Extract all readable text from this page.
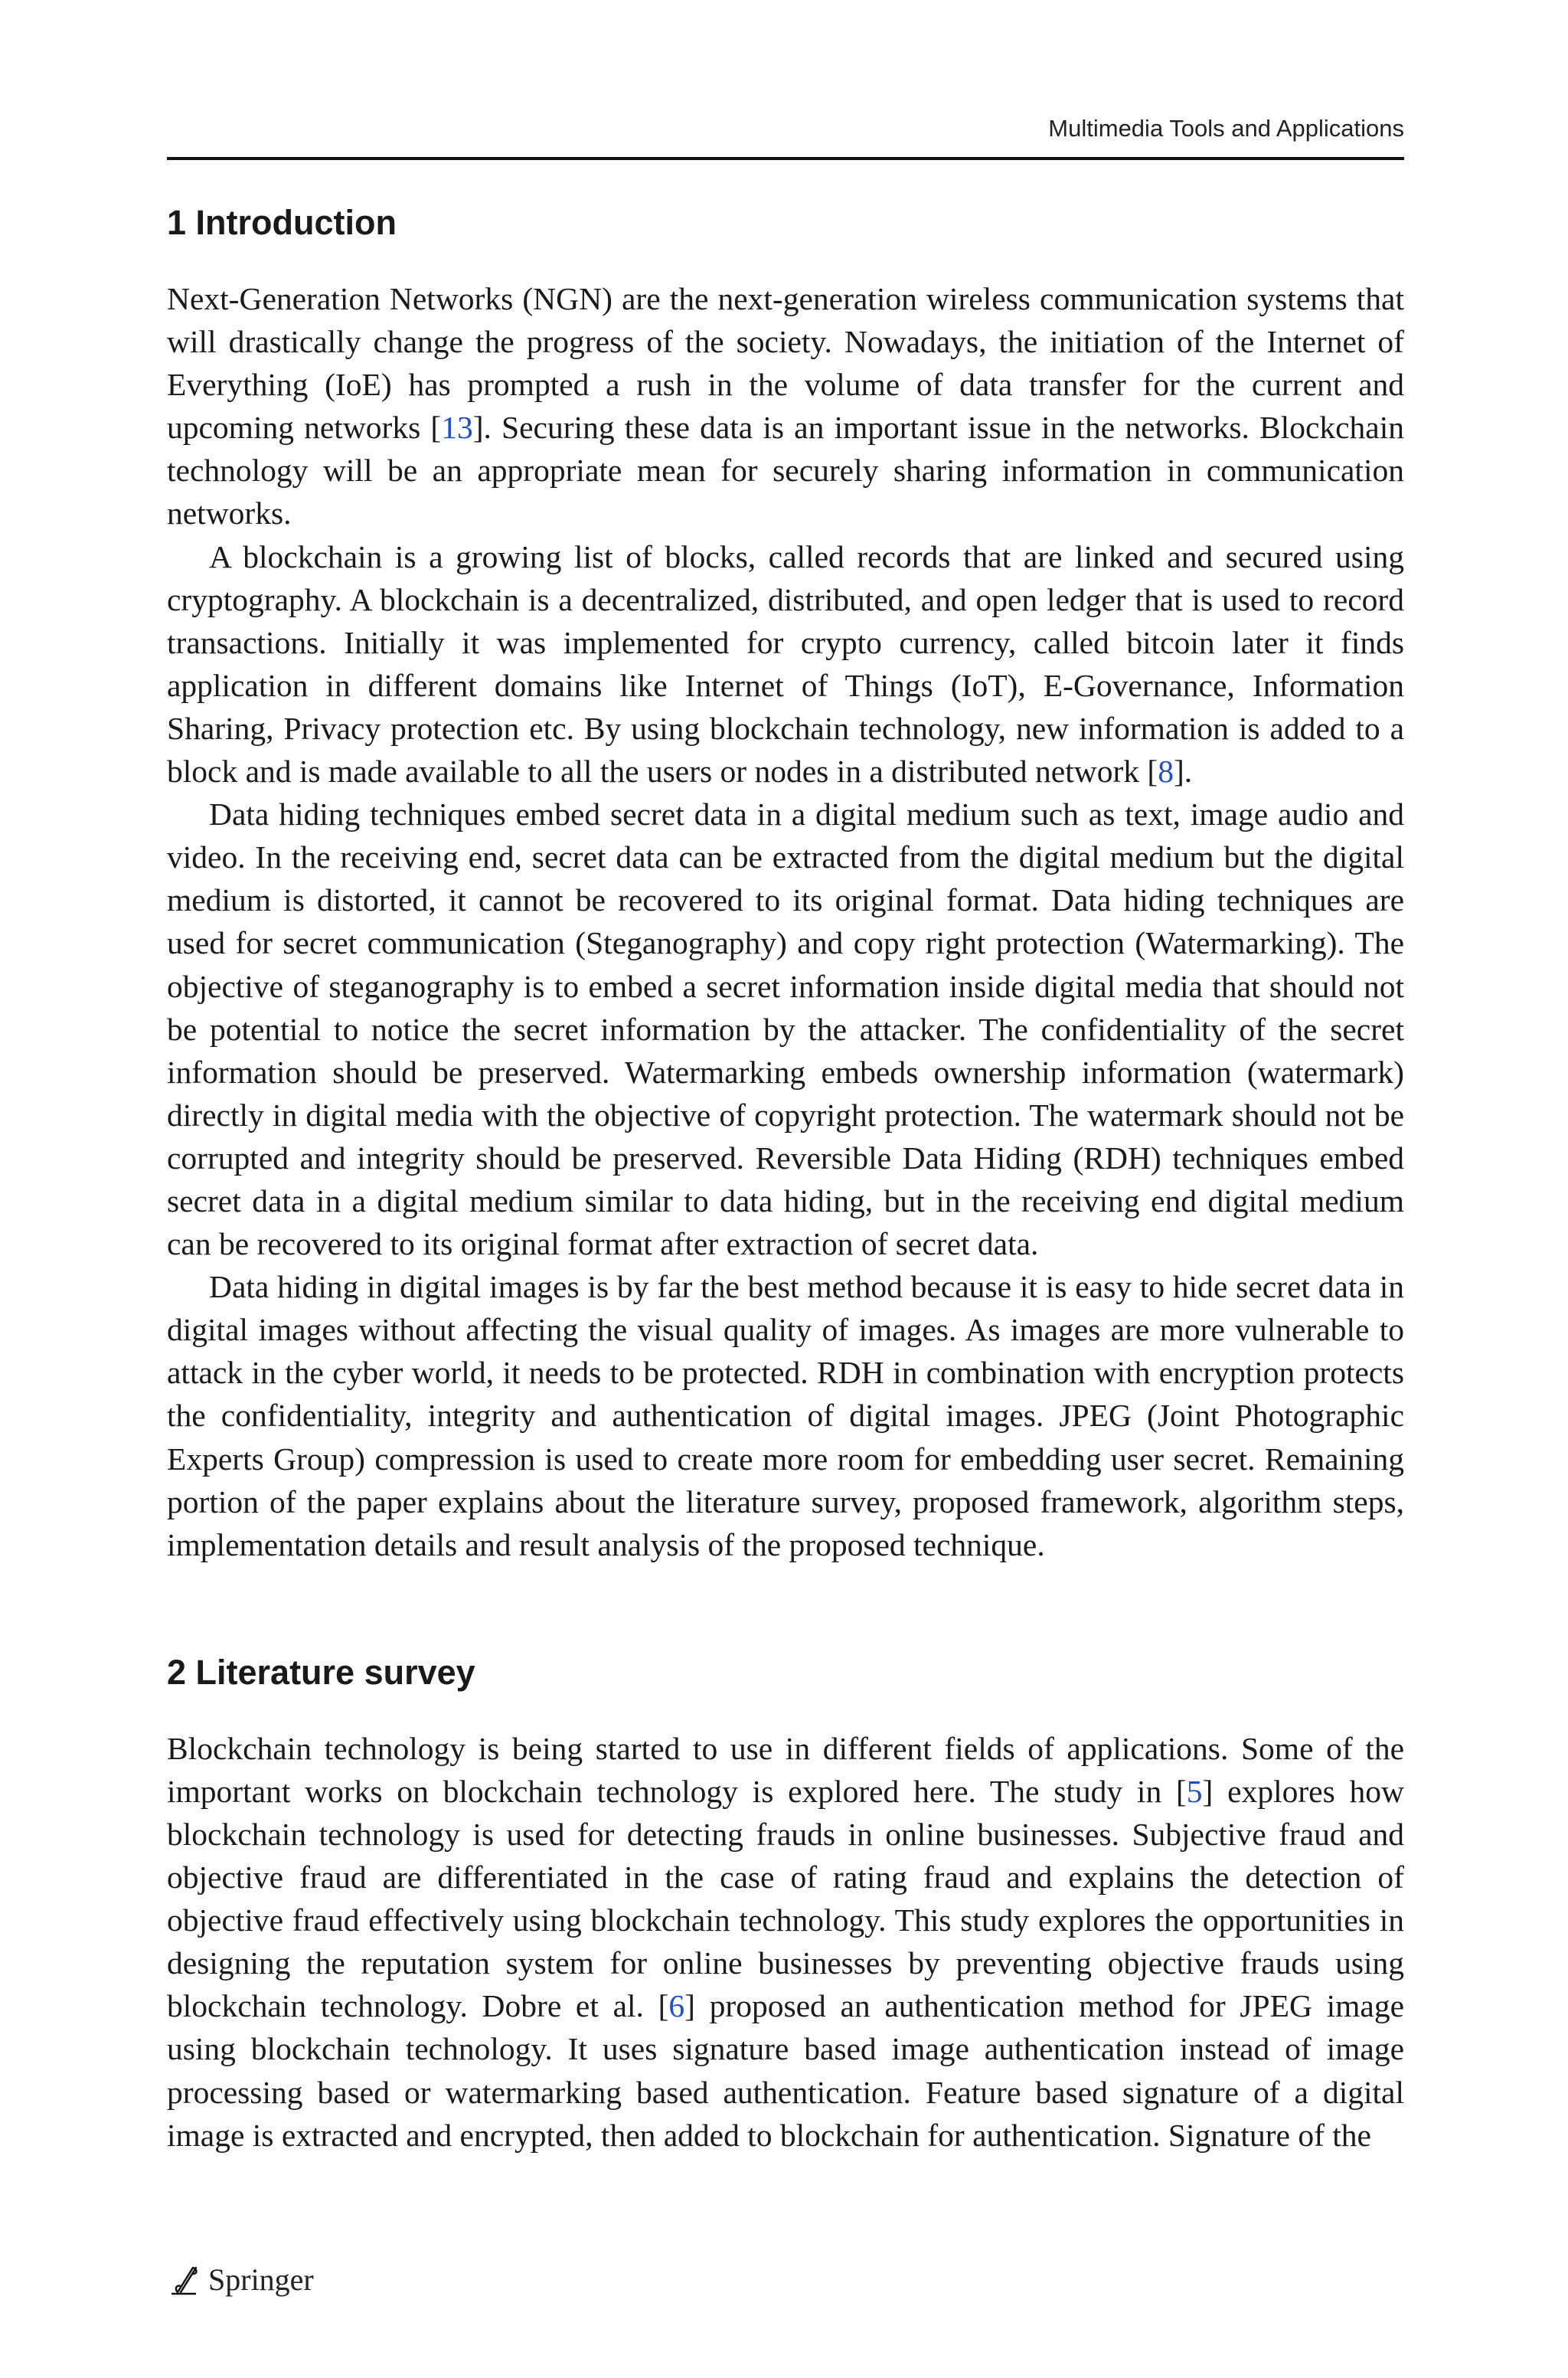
Multimedia Tools and Applications
1 Introduction

Next-Generation Networks (NGN) are the next-generation wireless communication systems that will drastically change the progress of the society. Nowadays, the initiation of the Internet of Everything (IoE) has prompted a rush in the volume of data transfer for the current and upcoming networks [13]. Securing these data is an important issue in the networks. Blockchain technology will be an appropriate mean for securely sharing information in communication networks.

A blockchain is a growing list of blocks, called records that are linked and secured using cryptography. A blockchain is a decentralized, distributed, and open ledger that is used to record transactions. Initially it was implemented for crypto currency, called bitcoin later it finds application in different domains like Internet of Things (IoT), E-Governance, Information Sharing, Privacy protection etc. By using blockchain technology, new information is added to a block and is made available to all the users or nodes in a distributed network [8].

Data hiding techniques embed secret data in a digital medium such as text, image audio and video. In the receiving end, secret data can be extracted from the digital medium but the digital medium is distorted, it cannot be recovered to its original format. Data hiding techniques are used for secret communication (Steganography) and copy right protection (Watermarking). The objective of steganography is to embed a secret information inside digital media that should not be potential to notice the secret information by the attacker. The confidentiality of the secret information should be preserved. Watermarking embeds ownership information (watermark) directly in digital media with the objective of copyright protection. The watermark should not be corrupted and integrity should be preserved. Reversible Data Hiding (RDH) techniques embed secret data in a digital medium similar to data hiding, but in the receiving end digital medium can be recovered to its original format after extraction of secret data.

Data hiding in digital images is by far the best method because it is easy to hide secret data in digital images without affecting the visual quality of images. As images are more vulnerable to attack in the cyber world, it needs to be protected. RDH in combination with encryption protects the confidentiality, integrity and authentication of digital images. JPEG (Joint Photographic Experts Group) compression is used to create more room for embedding user secret. Remaining portion of the paper explains about the literature survey, proposed framework, algorithm steps, implementation details and result analysis of the proposed technique.

2 Literature survey

Blockchain technology is being started to use in different fields of applications. Some of the important works on blockchain technology is explored here. The study in [5] explores how blockchain technology is used for detecting frauds in online businesses. Subjective fraud and objective fraud are differentiated in the case of rating fraud and explains the detection of objective fraud effectively using blockchain technology. This study explores the opportunities in designing the reputation system for online businesses by preventing objective frauds using blockchain technology. Dobre et al. [6] proposed an authentication method for JPEG image using blockchain technology. It uses signature based image authentication instead of image processing based or watermarking based authentication. Feature based signature of a digital image is extracted and encrypted, then added to blockchain for authentication. Signature of the

Springer
